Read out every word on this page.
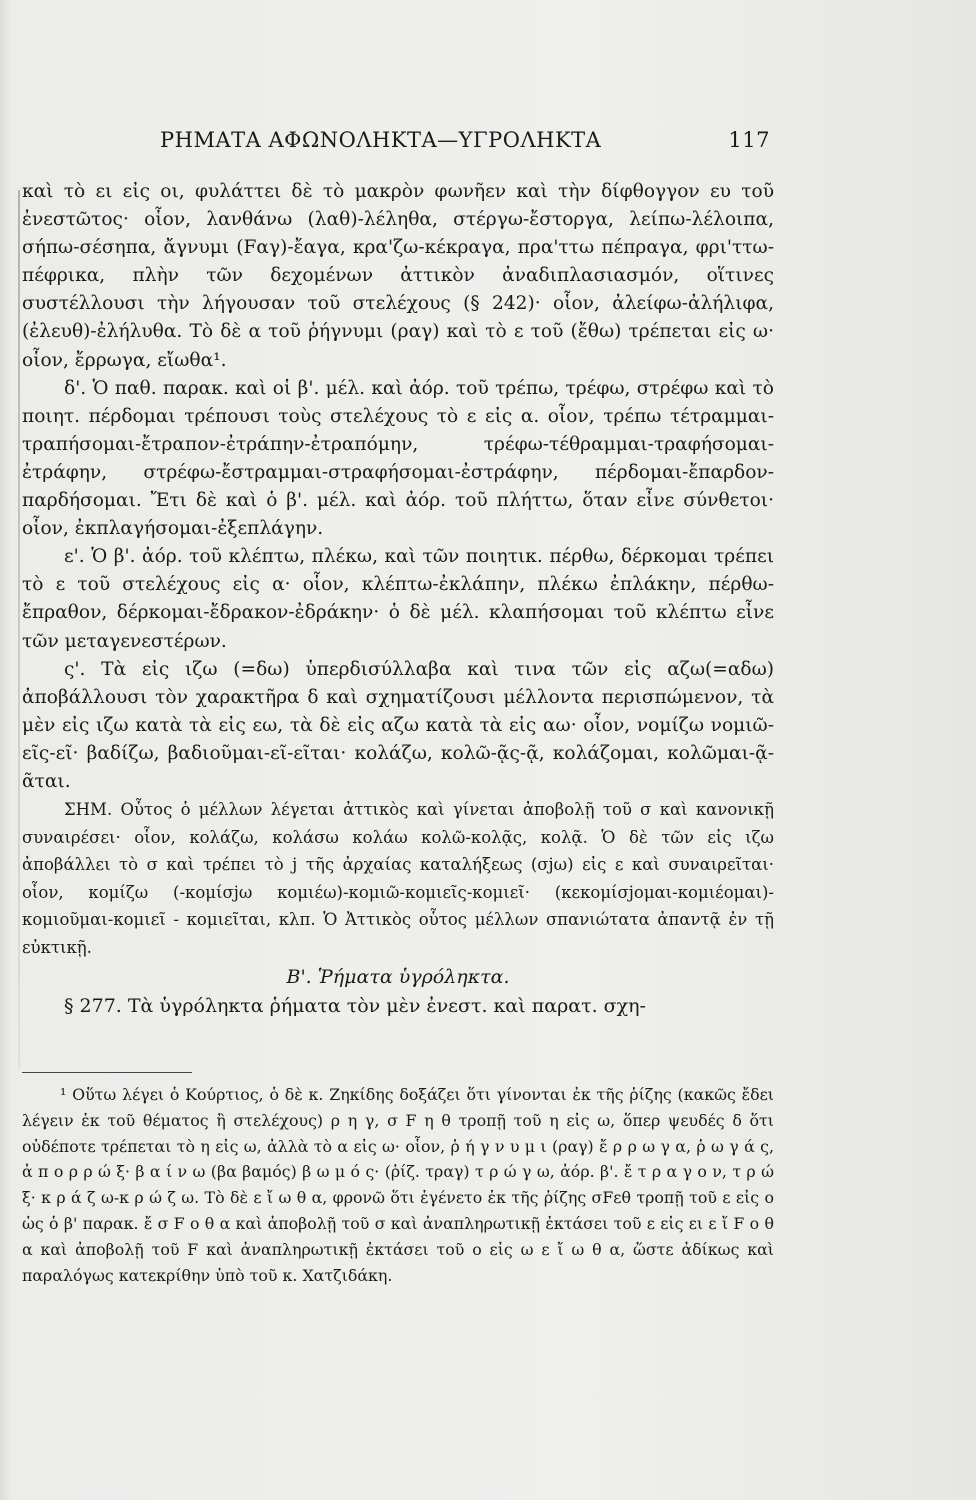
ΡΗΜΑΤΑ ΑΦΩΝΟΛΗΚΤΑ—ΥΓΡΟΛΗΚΤΑ	117

καὶ τὸ ει εἰς οι, φυλάττει δὲ τὸ μακρὸν φωνῆεν καὶ τὴν δίφθογγον ευ τοῦ ἐνεστῶτος· οἷον, λανθάνω (λαθ)-λέληθα, στέργω-ἔστοργα, λείπω-λέλοιπα, σήπω-σέσηπα, ἄγνυμι (Fαγ)-ἔαγα, κρα'ζω-κέκραγα, πρα'ττω πέπραγα, φρι'ττω-πέφρικα, πλὴν τῶν δεχομένων ἀττικὸν ἀναδιπλασιασμόν, οἵτινες συστέλλουσι τὴν λήγουσαν τοῦ στελέχους (§ 242)· οἷον, ἀλείφω-ἀλήλιφα, (ἐλευθ)-ἐλήλυθα. Τὸ δὲ α τοῦ ῥήγνυμι (ραγ) καὶ τὸ ε τοῦ (ἔθω) τρέπεται εἰς ω· οἷον, ἔρρωγα, εἴωθα¹.

δ'. Ὁ παθ. παρακ. καὶ οἱ β'. μέλ. καὶ ἀόρ. τοῦ τρέπω, τρέφω, στρέφω καὶ τὸ ποιητ. πέρδομαι τρέπουσι τοὺς στελέχους τὸ ε εἰς α. οἷον, τρέπω τέτραμμαι-τραπήσομαι-ἔτραπον-ἐτράπην-ἐτραπόμην, τρέφω-τέθραμμαι-τραφήσομαι-ἐτράφην, στρέφω-ἔστραμμαι-στραφήσομαι-ἐστράφην, πέρδομαι-ἔπαρδον-παρδήσομαι. Ἔτι δὲ καὶ ὁ β'. μέλ. καὶ ἀόρ. τοῦ πλήττω, ὅταν εἶνε σύνθετοι· οἷον, ἐκπλαγήσομαι-ἐξεπλάγην.

ε'. Ὁ β'. ἀόρ. τοῦ κλέπτω, πλέκω, καὶ τῶν ποιητικ. πέρθω, δέρκομαι τρέπει τὸ ε τοῦ στελέχους εἰς α· οἷον, κλέπτω-ἐκλάπην, πλέκω ἐπλάκην, πέρθω-ἔπραθον, δέρκομαι-ἔδρακον-ἐδράκην· ὁ δὲ μέλ. κλαπήσομαι τοῦ κλέπτω εἶνε τῶν μεταγενεστέρων.

ς'. Τὰ εἰς ιζω (=δω) ὑπερδισύλλαβα καὶ τινα τῶν εἰς αζω(=αδω) ἀποβάλλουσι τὸν χαρακτῆρα δ καὶ σχηματίζουσι μέλλοντα περισπώμενον, τὰ μὲν εἰς ιζω κατὰ τὰ εἰς εω, τὰ δὲ εἰς αζω κατὰ τὰ εἰς αω· οἷον, νομίζω νομιῶ-εῖς-εῖ· βαδίζω, βαδιοῦμαι-εῖ-εῖται· κολάζω, κολῶ-ᾷς-ᾷ, κολάζομαι, κολῶμαι-ᾷ-ᾶται.

ΣΗΜ. Οὗτος ὁ μέλλων λέγεται ἀττικὸς καὶ γίνεται ἀποβολῇ τοῦ σ καὶ κανονικῇ συναιρέσει· οἷον, κολάζω, κολάσω κολάω κολῶ-κολᾷς, κολᾷ. Ὁ δὲ τῶν εἰς ιζω ἀποβάλλει τὸ σ καὶ τρέπει τὸ j τῆς ἀρχαίας καταλήξεως (σjω) εἰς ε καὶ συναιρεῖται· οἷον, κομίζω (-κομίσjω κομιέω)-κομιῶ-κομιεῖς-κομιεῖ· (κεκομίσjομαι-κομιέομαι)-κομιοῦμαι-κομιεῖ - κομιεῖται, κλπ. Ὁ Ἀττικὸς οὗτος μέλλων σπανιώτατα ἀπαντᾷ ἐν τῇ εὐκτικῇ.

Β'. Ῥήματα ὑγρόληκτα.

§ 277. Τὰ ὑγρόληκτα ῥήματα τὸν μὲν ἐνεστ. καὶ παρατ. σχη-

¹ Οὕτω λέγει ὁ Κούρτιος, ὁ δὲ κ. Ζηκίδης δοξάζει ὅτι γίνονται ἐκ τῆς ῥίζης (κακῶς ἔδει λέγειν ἐκ τοῦ θέματος ἢ στελέχους) ρ η γ, σ F η θ τροπῇ τοῦ η εἰς ω, ὅπερ ψευδές δ ὅτι οὐδέποτε τρέπεται τὸ η εἰς ω, ἀλλὰ τὸ α εἰς ω· οἷον, ῥ ή γ ν υ μ ι (ραγ) ἔ ρ ρ ω γ α, ῥ ω γ ά ς, ἀ π ο ρ ρ ώ ξ· β α ί ν ω (βα βαμός) β ω μ ό ς· (ῥίζ. τραγ) τ ρ ώ γ ω, ἀόρ. β'. ἔ τ ρ α γ ο ν, τ ρ ώ ξ· κ ρ ά ζ ω-κ ρ ώ ζ ω. Τὸ δὲ ε ἴ ω θ α, φρονῶ ὅτι ἐγένετο ἐκ τῆς ῥίζης σFεθ τροπῇ τοῦ ε εἰς ο ὡς ὁ β' παρακ. ἔ σ F ο θ α καὶ ἀποβολῇ τοῦ σ καὶ ἀναπληρωτικῇ ἐκτάσει τοῦ ε εἰς ει ε ἴ F ο θ α καὶ ἀποβολῇ τοῦ F καὶ ἀναπληρωτικῇ ἐκτάσει τοῦ ο εἰς ω ε ἴ ω θ α, ὥστε ἀδίκως καὶ παραλόγως κατεκρίθην ὑπὸ τοῦ κ. Χατζιδάκη.
